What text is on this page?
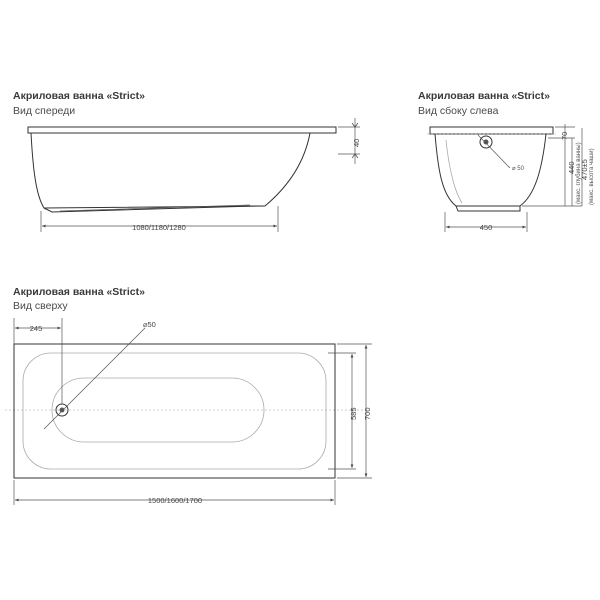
Акриловая ванна «Strict»
Вид спереди
1080/1180/1280
40
Акриловая ванна «Strict»
Вид сбоку слева
⌀ 50
450
70
440 (макс. глубина ванны)
470±5 (макс. высота чаши)
Акриловая ванна «Strict»
Вид сверху
⌀50
245
1500/1600/1700
585 700
